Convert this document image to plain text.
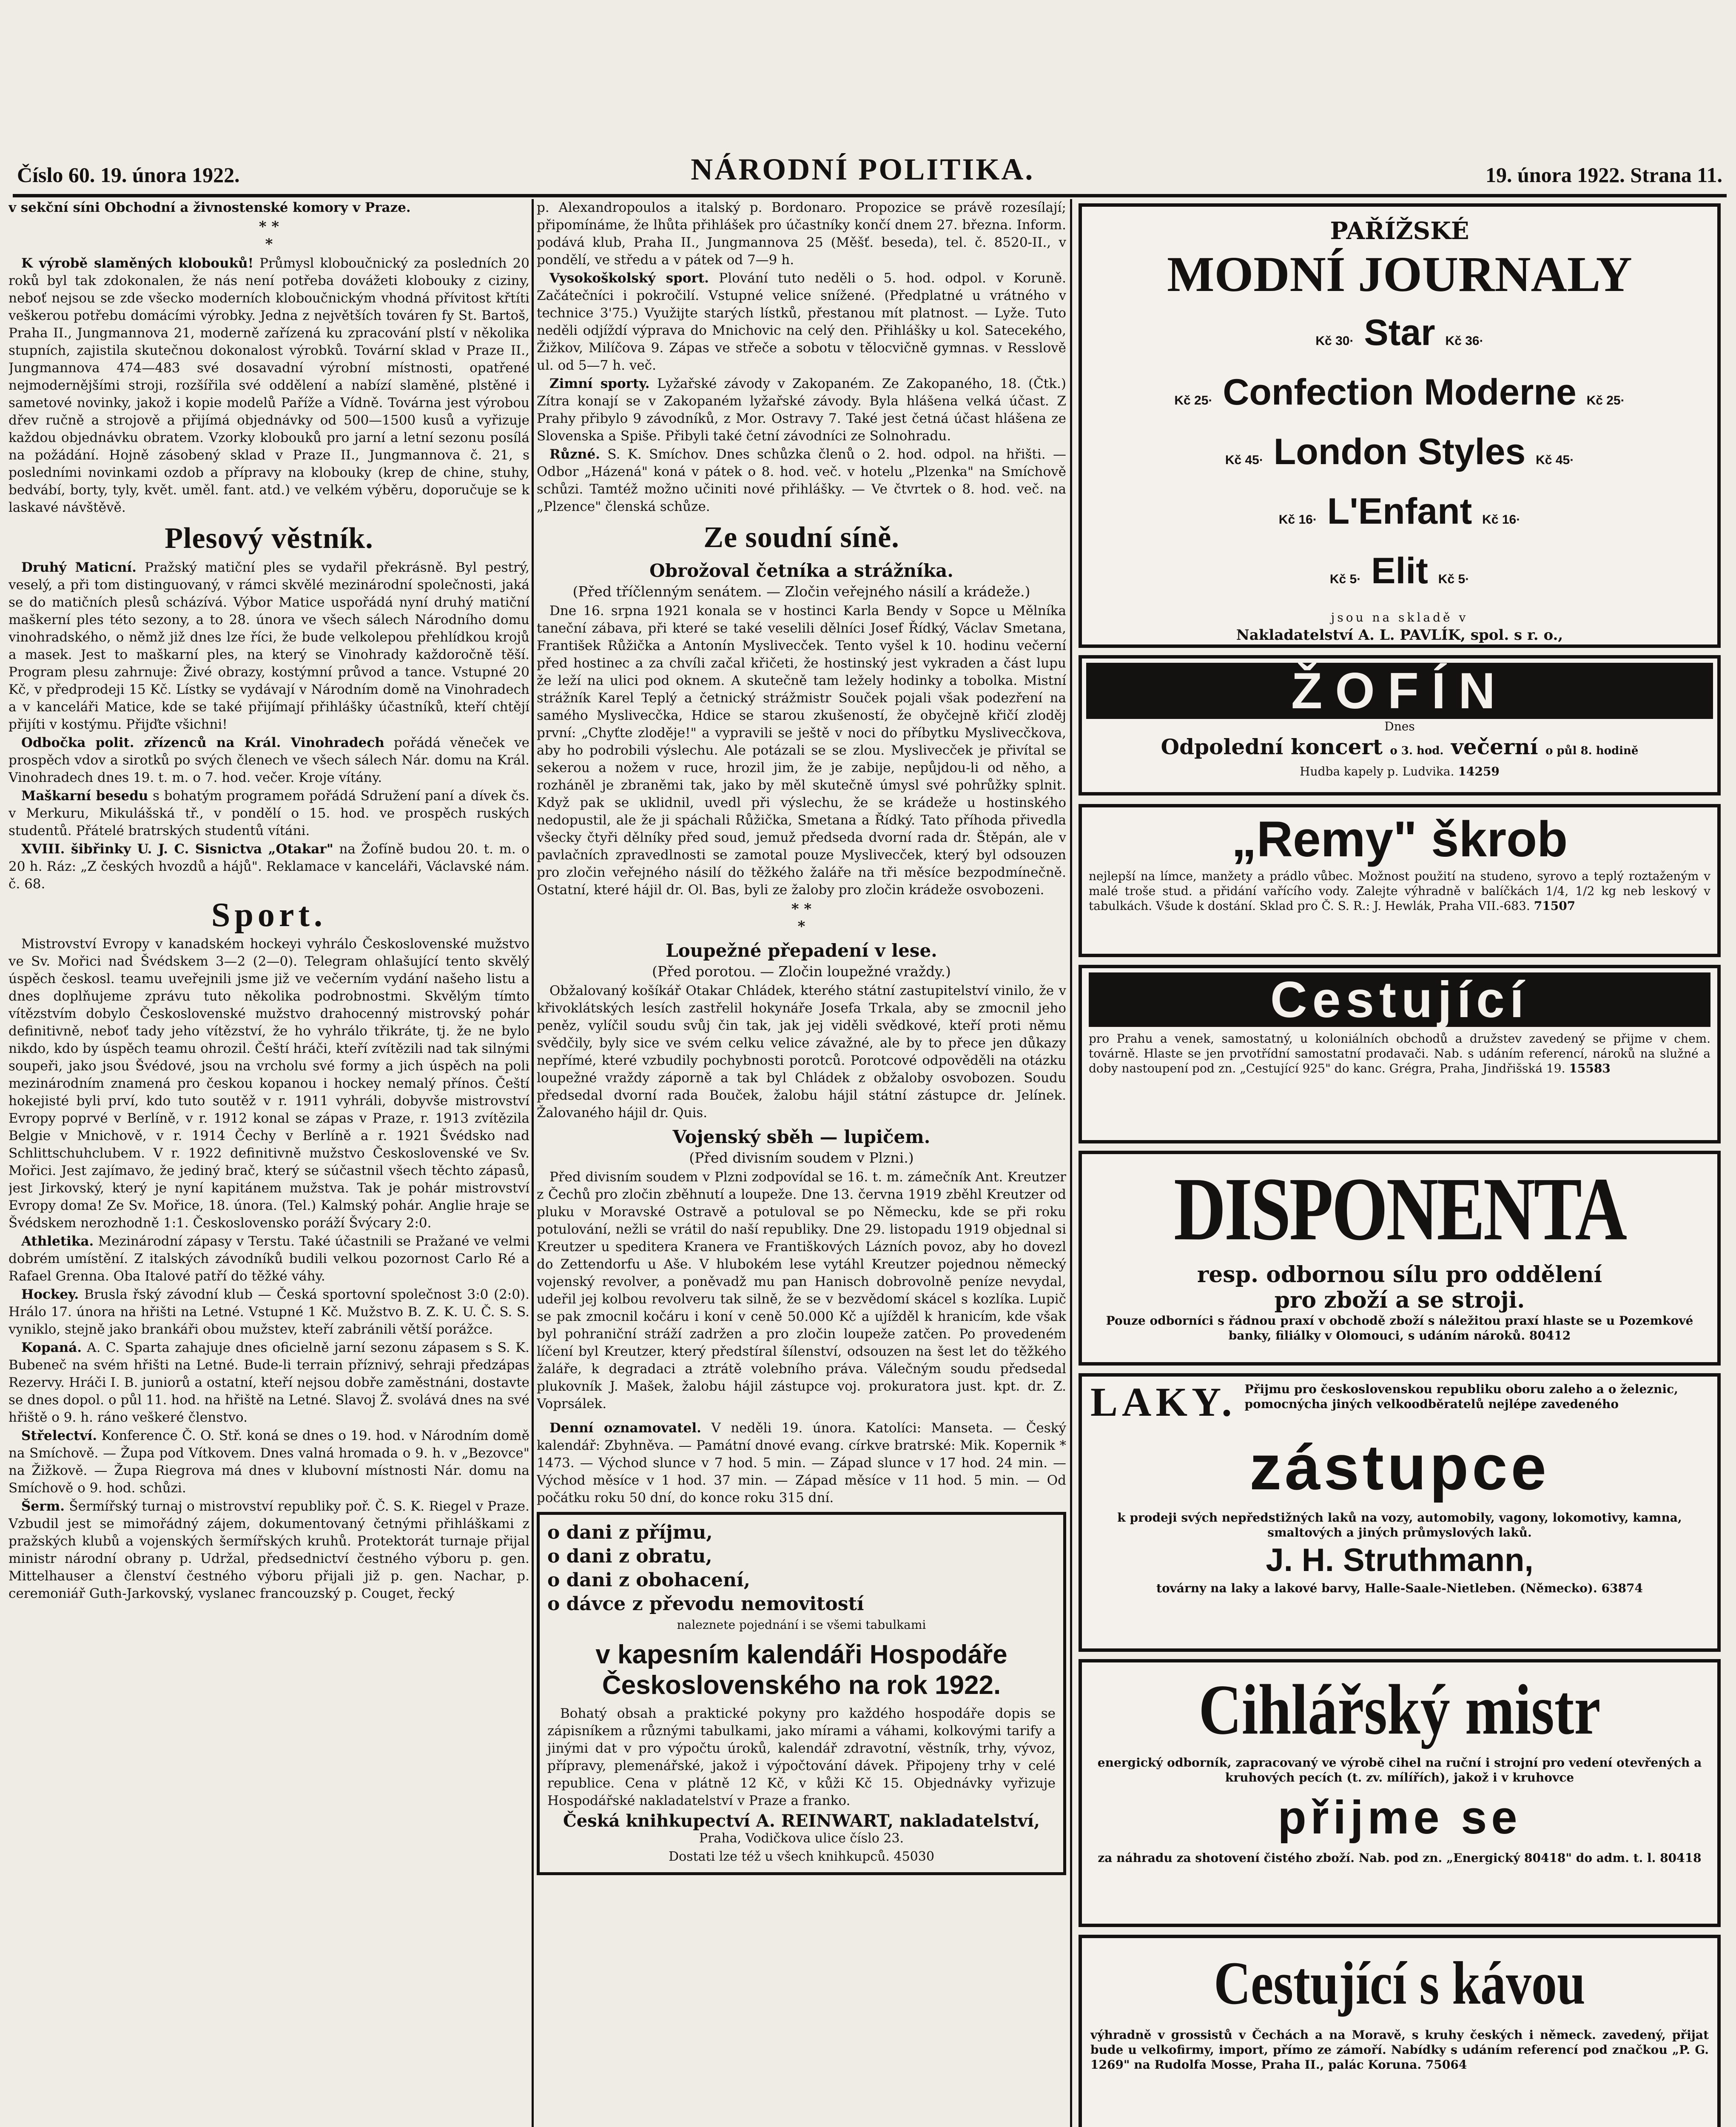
Číslo 60. 19. února 1922.	NÁRODNÍ POLITIKA.	19. února 1922. Strana 11.

v sekční síni Obchodní a živnostenské komory v Praze.

* *
*

K výrobě slaměných klobouků! Průmysl kloboučnický za posledních 20 roků byl tak zdokonalen, že nás není potřeba dovážeti klobouky z ciziny, neboť nejsou se zde všecko moderních kloboučnickým vhodná přívitost křtíti veškerou potřebu domácími výrobky. Jedna z největších továren fy St. Bartoš, Praha II., Jungmannova 21, moderně zařízená ku zpracování plstí v několika stupních, zajistila skutečnou dokonalost výrobků. Tovární sklad v Praze II., Jungmannova 474—483 své dosavadní výrobní místnosti, opatřené nejmodernějšími stroji, rozšířila své oddělení a nabízí slaměné, plstěné i sametové novinky, jakož i kopie modelů Paříže a Vídně. Továrna jest výrobou dřev ručně a strojově a přijímá objednávky od 500—1500 kusů a vyřizuje každou objednávku obratem. Vzorky klobouků pro jarní a letní sezonu posílá na požádání. Hojně zásobený sklad v Praze II., Jungmannova č. 21, s posledními novinkami ozdob a přípravy na klobouky (krep de chine, stuhy, bedvábí, borty, tyly, květ. uměl. fant. atd.) ve velkém výběru, doporučuje se k laskavé návštěvě.

Plesový věstník.

Druhý Maticní. Pražský matiční ples se vydařil překrásně. Byl pestrý, veselý, a při tom distinguovaný, v rámci skvělé mezinárodní společnosti, jaká se do matičních plesů scházívá. Výbor Matice uspořádá nyní druhý matiční maškerní ples této sezony, a to 28. února ve všech sálech Národního domu vinohradského, o němž již dnes lze říci, že bude velkolepou přehlídkou krojů a masek. Jest to maškarní ples, na který se Vinohrady každoročně těší. Program plesu zahrnuje: Živé obrazy, kostýmní průvod a tance. Vstupné 20 Kč, v předprodeji 15 Kč. Lístky se vydávají v Národním domě na Vinohradech a v kanceláři Matice, kde se také přijímají přihlášky účastníků, kteří chtějí přijíti v kostýmu. Přijďte všichni!

Odbočka polit. zřízenců na Král. Vinohradech pořádá věneček ve prospěch vdov a sirotků po svých členech ve všech sálech Nár. domu na Král. Vinohradech dnes 19. t. m. o 7. hod. večer. Kroje vítány.

Maškarní besedu s bohatým programem pořádá Sdružení paní a dívek čs. v Merkuru, Mikulášská tř., v pondělí o 15. hod. ve prospěch ruských studentů. Přátelé bratrských studentů vítáni.

XVIII. šibřinky U. J. C. Sisnictva „Otakar" na Žofíně budou 20. t. m. o 20 h. Ráz: „Z českých hvozdů a hájů". Reklamace v kanceláři, Václavské nám. č. 68.

Sport.

Mistrovství Evropy v kanadském hockeyi vyhrálo Československé mužstvo ve Sv. Mořici nad Švédskem 3—2 (2—0). Telegram ohlašující tento skvělý úspěch českosl. teamu uveřejnili jsme již ve večerním vydání našeho listu a dnes doplňujeme zprávu tuto několika podrobnostmi. Skvělým tímto vítězstvím dobylo Československé mužstvo drahocenný mistrovský pohár definitivně, neboť tady jeho vítězství, že ho vyhrálo třikráte, tj. že ne bylo nikdo, kdo by úspěch teamu ohrozil. Čeští hráči, kteří zvítězili nad tak silnými soupeři, jako jsou Švédové, jsou na vrcholu své formy a jich úspěch na poli mezinárodním znamená pro českou kopanou i hockey nemalý přínos. Čeští hokejisté byli prví, kdo tuto soutěž v r. 1911 vyhráli, dobyvše mistrovství Evropy poprvé v Berlíně, v r. 1912 konal se zápas v Praze, r. 1913 zvítězila Belgie v Mnichově, v r. 1914 Čechy v Berlíně a r. 1921 Švédsko nad Schlittschuhclubem. V r. 1922 definitivně mužstvo Československé ve Sv. Mořici. Jest zajímavo, že jediný brač, který se súčastnil všech těchto zápasů, jest Jirkovský, který je nyní kapitánem mužstva. Tak je pohár mistrovství Evropy doma! Ze Sv. Mořice, 18. února. (Tel.) Kalmský pohár. Anglie hraje se Švédskem nerozhodně 1:1. Československo poráží Švýcary 2:0.

Athletika. Mezinárodní zápasy v Terstu. Také účastnili se Pražané ve velmi dobrém umístění. Z italských závodníků budili velkou pozornost Carlo Ré a Rafael Grenna. Oba Italové patří do těžké váhy.

Hockey. Brusla řský závodní klub — Česká sportovní společnost 3:0 (2:0). Hrálo 17. února na hřišti na Letné. Vstupné 1 Kč. Mužstvo B. Z. K. U. Č. S. S. vyniklo, stejně jako brankáři obou mužstev, kteří zabránili větší porážce.

Kopaná. A. C. Sparta zahajuje dnes oficielně jarní sezonu zápasem s S. K. Bubeneč na svém hřišti na Letné. Bude-li terrain příznivý, sehraji předzápas Rezervy. Hráči I. B. juniorů a ostatní, kteří nejsou dobře zaměstnáni, dostavte se dnes dopol. o půl 11. hod. na hřiště na Letné. Slavoj Ž. svolává dnes na své hřiště o 9. h. ráno veškeré členstvo.

Střelectví. Konference Č. O. Stř. koná se dnes o 19. hod. v Národním domě na Smíchově. — Župa pod Vítkovem. Dnes valná hromada o 9. h. v „Bezovce" na Žižkově. — Župa Riegrova má dnes v klubovní místnosti Nár. domu na Smíchově o 9. hod. schůzi.

Šerm. Šermířský turnaj o mistrovství republiky poř. Č. S. K. Riegel v Praze. Vzbudil jest se mimořádný zájem, dokumentovaný četnými přihláškami z pražských klubů a vojenských šermířských kruhů. Protektorát turnaje přijal ministr národní obrany p. Udržal, předsednictví čestného výboru p. gen. Mittelhauser a členství čestného výboru přijali již p. gen. Nachar, p. ceremoniář Guth-Jarkovský, vyslanec francouzský p. Couget, řecký

p. Alexandropoulos a italský p. Bordonaro. Propozice se právě rozesílají; připomínáme, že lhůta přihlášek pro účastníky končí dnem 27. března. Inform. podává klub, Praha II., Jungmannova 25 (Měšť. beseda), tel. č. 8520-II., v pondělí, ve středu a v pátek od 7—9 h.

Vysokoškolský sport. Plování tuto neděli o 5. hod. odpol. v Koruně. Začátečníci i pokročilí. Vstupné velice snížené. (Předplatné u vrátného v technice 3'75.) Využijte starých lístků, přestanou mít platnost. — Lyže. Tuto neděli odjíždí výprava do Mnichovic na celý den. Přihlášky u kol. Satecekého, Žižkov, Milíčova 9. Zápas ve střeče a sobotu v tělocvičně gymnas. v Resslově ul. od 5—7 h. več.

Zimní sporty. Lyžařské závody v Zakopaném. Ze Zakopaného, 18. (Čtk.) Zítra konají se v Zakopaném lyžařské závody. Byla hlášena velká účast. Z Prahy přibylo 9 závodníků, z Mor. Ostravy 7. Také jest četná účast hlášena ze Slovenska a Spiše. Přibyli také četní závodníci ze Solnohradu.

Různé. S. K. Smíchov. Dnes schůzka členů o 2. hod. odpol. na hřišti. — Odbor „Házená" koná v pátek o 8. hod. več. v hotelu „Plzenka" na Smíchově schůzi. Tamtéž možno učiniti nové přihlášky. — Ve čtvrtek o 8. hod. več. na „Plzence" členská schůze.

Ze soudní síně.
Obrožoval četníka a strážníka.
(Před tříčlenným senátem. — Zločin veřejného násilí a krádeže.)

Dne 16. srpna 1921 konala se v hostinci Karla Bendy v Sopce u Mělníka taneční zábava, při které se také veselili dělníci Josef Řídký, Václav Smetana, František Růžička a Antonín Myslivecček. Tento vyšel k 10. hodinu večerní před hostinec a za chvíli začal křičeti, že hostinský jest vykraden a část lupu že leží na ulici pod oknem. A skutečně tam ležely hodinky a tobolka. Mistní strážník Karel Teplý a četnický strážmistr Souček pojali však podezření na samého Myslivecčka, Hdice se starou zkušeností, že obyčejně křičí zloděj první: „Chyťte zloděje!" a vypravili se ještě v noci do příbytku Myslivecčkova, aby ho podrobili výslechu. Ale potázali se se zlou. Myslivecček je přivítal se sekerou a nožem v ruce, hrozil jim, že je zabije, nepůjdou-li od něho, a rozháněl je zbraněmi tak, jako by měl skutečně úmysl své pohrůžky splnit. Když pak se uklidnil, uvedl při výslechu, že se krádeže u hostinského nedopustil, ale že ji spáchali Růžička, Smetana a Řídký. Tato příhoda přivedla všecky čtyři dělníky před soud, jemuž předseda dvorní rada dr. Štěpán, ale v pavlačních zpravedlnosti se zamotal pouze Myslivecček, který byl odsouzen pro zločin veřejného násilí do těžkého žaláře na tři měsíce bezpodmínečně. Ostatní, které hájil dr. Ol. Bas, byli ze žaloby pro zločin krádeže osvobozeni.

* *
*
Loupežné přepadení v lese.
(Před porotou. — Zločin loupežné vraždy.)

Obžalovaný košíkář Otakar Chládek, kterého státní zastupitelství vinilo, že v křivoklátských lesích zastřelil hokynáře Josefa Trkala, aby se zmocnil jeho peněz, vylíčil soudu svůj čin tak, jak jej viděli svědkové, kteří proti němu svědčily, byly sice ve svém celku velice závažné, ale by to přece jen důkazy nepřímé, které vzbudily pochybnosti porotců. Porotcové odpověděli na otázku loupežné vraždy záporně a tak byl Chládek z obžaloby osvobozen. Soudu předsedal dvorní rada Bouček, žalobu hájil státní zástupce dr. Jelínek. Žalovaného hájil dr. Quis.

Vojenský sběh — lupičem.
(Před divisním soudem v Plzni.)

Před divisním soudem v Plzni zodpovídal se 16. t. m. zámečník Ant. Kreutzer z Čechů pro zločin zběhnutí a loupeže. Dne 13. června 1919 zběhl Kreutzer od pluku v Moravské Ostravě a potuloval se po Německu, kde se při roku potulování, nežli se vrátil do naší republiky. Dne 29. listopadu 1919 objednal si Kreutzer u speditera Kranera ve Františkových Lázních povoz, aby ho dovezl do Zettendorfu u Aše. V hlubokém lese vytáhl Kreutzer pojednou německý vojenský revolver, a poněvadž mu pan Hanisch dobrovolně peníze nevydal, udeřil jej kolbou revolveru tak silně, že se v bezvědomí skácel s kozlíka. Lupič se pak zmocnil kočáru i koní v ceně 50.000 Kč a ujížděl k hranicím, kde však byl pohraniční stráží zadržen a pro zločin loupeže zatčen. Po provedeném líčení byl Kreutzer, který předstíral šílenství, odsouzen na šest let do těžkého žaláře, k degradaci a ztrátě volebního práva. Válečným soudu předsedal plukovník J. Mašek, žalobu hájil zástupce voj. prokuratora just. kpt. dr. Z. Voprsálek.

Denní oznamovatel. V neděli 19. února. Katolíci: Manseta. — Český kalendář: Zbyhněva. — Památní dnové evang. církve bratrské: Mik. Kopernik * 1473. — Východ slunce v 7 hod. 5 min. — Západ slunce v 17 hod. 24 min. — Východ měsíce v 1 hod. 37 min. — Západ měsíce v 11 hod. 5 min. — Od počátku roku 50 dní, do konce roku 315 dní.

o dani z příjmu,

o dani z obratu,

o dani z obohacení,

o dávce z převodu nemovitostí

naleznete pojednání i se všemi tabulkami

v kapesním kalendáři Hospodáře Československého na rok 1922.

Bohatý obsah a praktické pokyny pro každého hospodáře dopis se zápisníkem a různými tabulkami, jako mírami a váhami, kolkovými tarify a jinými dat v pro výpočtu úroků, kalendář zdravotní, věstník, trhy, vývoz, přípravy, plemenářské, jakož i výpočtování dávek. Připojeny trhy v celé republice. Cena v plátně 12 Kč, v kůži Kč 15. Objednávky vyřizuje Hospodářské nakladatelství v Praze a franko.

Česká knihkupectví A. REINWART, nakladatelství,

Praha, Vodičkova ulice číslo 23.

Dostati lze též u všech knihkupců. 45030

PAŘÍŽSKÉ
MODNÍ JOURNALY
Kč 30· Star Kč 36·
Kč 25· Confection Moderne Kč 25·
Kč 45· London Styles Kč 45·
Kč 16· L'Enfant Kč 16·
Kč 5· Elit Kč 5·
jsou na skladě v
Nakladatelství A. L. PAVLÍK, spol. s r. o.,
ŽOFÍN
Dnes
Odpolední koncert o 3. hod. večerní o půl 8. hodině
Hudba kapely p. Ludvika. 14259
„Remy" škrob
nejlepší na límce, manžety a prádlo vůbec. Možnost použití na studeno, syrovo a teplý roztaženým v malé troše stud. a přidání vařícího vody. Zalejte výhradně v balíčkách 1/4, 1/2 kg neb leskový v tabulkách. Všude k dostání. Sklad pro Č. S. R.: J. Hewlák, Praha VII.-683. 71507
Cestující
pro Prahu a venek, samostatný, u koloniálních obchodů a družstev zavedený se přijme v chem. továrně. Hlaste se jen prvotřídní samostatní prodavači. Nab. s udáním referencí, nároků na služné a doby nastoupení pod zn. „Cestující 925" do kanc. Grégra, Praha, Jindřišská 19. 15583
DISPONENTA
resp. odbornou sílu pro oddělení
pro zboží a se stroji.
Pouze odborníci s řádnou praxí v obchodě zboží s náležitou praxí hlaste se u Pozemkové banky, filiálky v Olomouci, s udáním nároků. 80412
LAKY. Přijmu pro československou republiku oboru zaleho a o železnic, pomocnýcha jiných velkoodběratelů nejlépe zavedeného
zástupce
k prodeji svých nepředstižných laků na vozy, automobily, vagony, lokomotivy, kamna, smaltových a jiných průmyslových laků.
J. H. Struthmann,
továrny na laky a lakové barvy, Halle-Saale-Nietleben. (Německo). 63874
Cihlářský mistr
energický odborník, zapracovaný ve výrobě cihel na ruční i strojní pro vedení otevřených a kruhových pecích (t. zv. mílířích), jakož i v kruhovce
přijme se
za náhradu za shotovení čistého zboží. Nab. pod zn. „Energický 80418" do adm. t. l. 80418
Cestující s kávou
výhradně v grossistů v Čechách a na Moravě, s kruhy českých i německ. zavedený, přijat bude u velkofirmy, import, přímo ze zámoří. Nabídky s udáním referencí pod značkou „P. G. 1269" na Rudolfa Mosse, Praha II., palác Koruna. 75064
